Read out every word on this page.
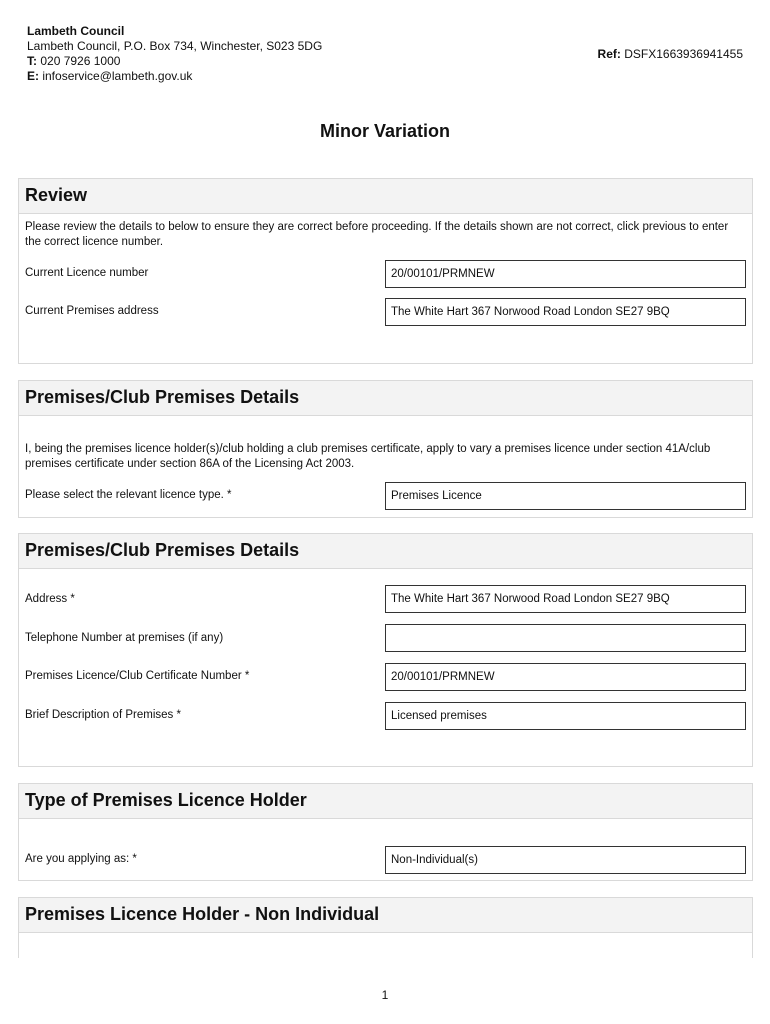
Lambeth Council
Lambeth Council, P.O. Box 734, Winchester, S023 5DG
T: 020 7926 1000
E: infoservice@lambeth.gov.uk
Ref: DSFX1663936941455
Minor Variation
Review
Please review the details to below to ensure they are correct before proceeding. If the details shown are not correct, click previous to enter the correct licence number.
Current Licence number	20/00101/PRMNEW
Current Premises address	The White Hart 367 Norwood Road London SE27 9BQ
Premises/Club Premises Details
I, being the premises licence holder(s)/club holding a club premises certificate, apply to vary a premises licence under section 41A/club premises certificate under section 86A of the Licensing Act 2003.
Please select the relevant licence type. *	Premises Licence
Premises/Club Premises Details
Address *	The White Hart 367 Norwood Road London SE27 9BQ
Telephone Number at premises (if any)
Premises Licence/Club Certificate Number *	20/00101/PRMNEW
Brief Description of Premises *	Licensed premises
Type of Premises Licence Holder
Are you applying as: *	Non-Individual(s)
Premises Licence Holder - Non Individual
1
